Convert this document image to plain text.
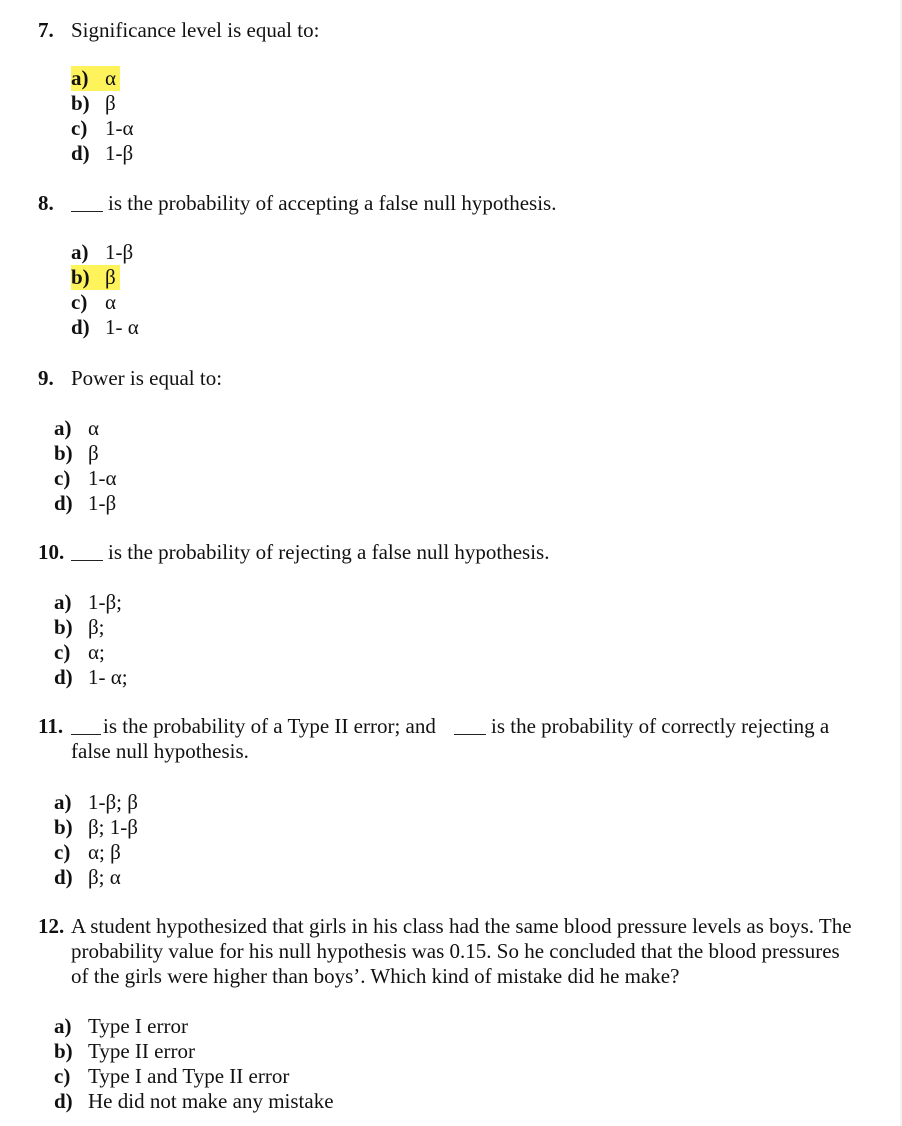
7. Significance level is equal to:
a) α
b) β
c) 1-α
d) 1-β
8.	is the probability of accepting a false null hypothesis.
a) 1-β
b) β
c) α
d) 1- α
9. Power is equal to:
a) α
b) β
c) 1-α
d) 1-β
10. is the probability of rejecting a false null hypothesis.
a) 1-β;
b) β;
c) α;
d) 1- α;
11. is the probability of a Type II error; and	is the probability of correctly rejecting a
false null hypothesis.
a) 1-β; β
b) β; 1-β
c) α; β
d) β; α
12. A student hypothesized that girls in his class had the same blood pressure levels as boys. The
probability value for his null hypothesis was 0.15. So he concluded that the blood pressures
of the girls were higher than boys’. Which kind of mistake did he make?
a) Type I error
b) Type II error
c) Type I and Type II error
d) He did not make any mistake
